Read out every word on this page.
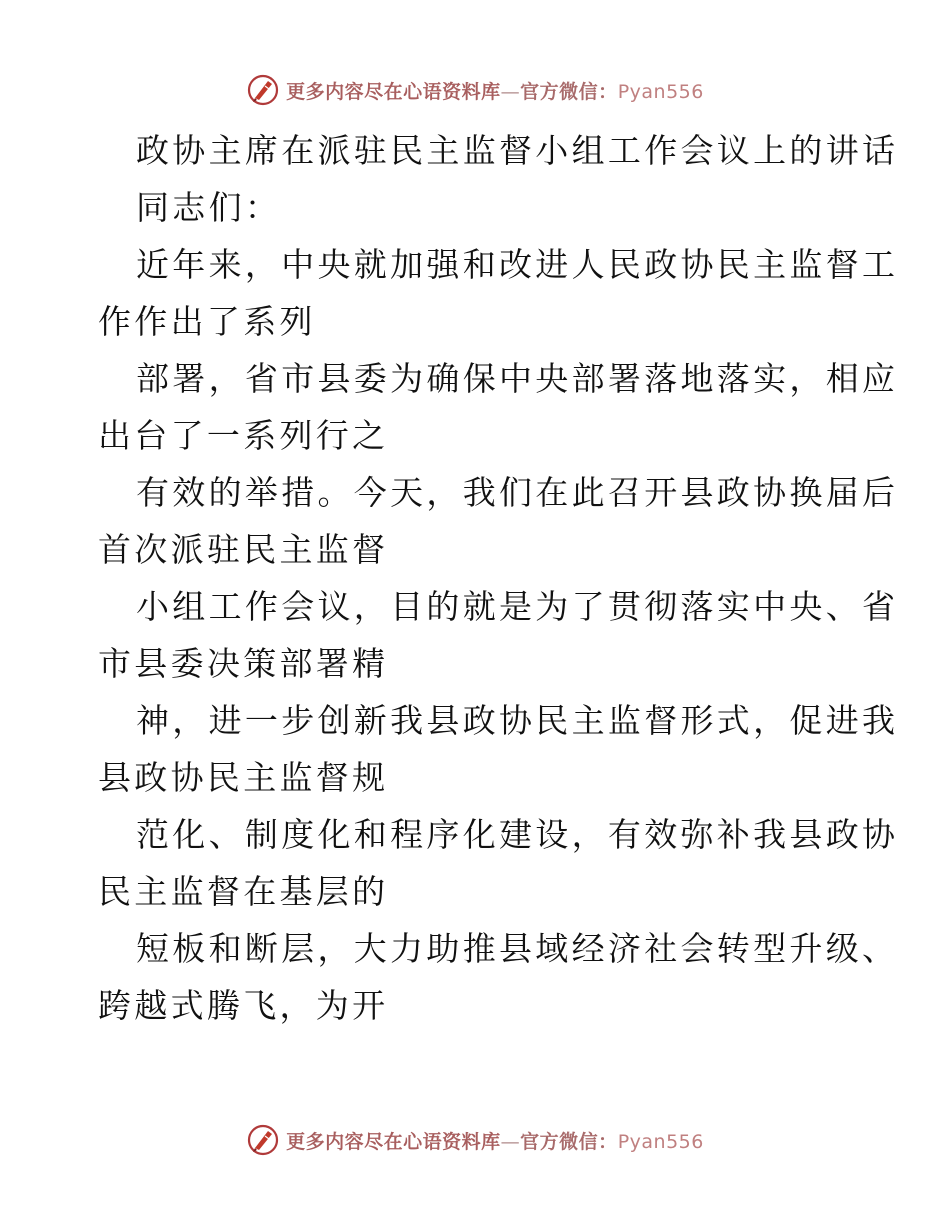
更多内容尽在心语资料库—官方微信：Pyan556
政协主席在派驻民主监督小组工作会议上的讲话
同志们：
近年来，中央就加强和改进人民政协民主监督工
作作出了系列
部署，省市县委为确保中央部署落地落实，相应
出台了一系列行之
有效的举措。今天，我们在此召开县政协换届后
首次派驻民主监督
小组工作会议，目的就是为了贯彻落实中央、省
市县委决策部署精
神，进一步创新我县政协民主监督形式，促进我
县政协民主监督规
范化、制度化和程序化建设，有效弥补我县政协
民主监督在基层的
短板和断层，大力助推县域经济社会转型升级、
跨越式腾飞，为开
更多内容尽在心语资料库—官方微信：Pyan556
